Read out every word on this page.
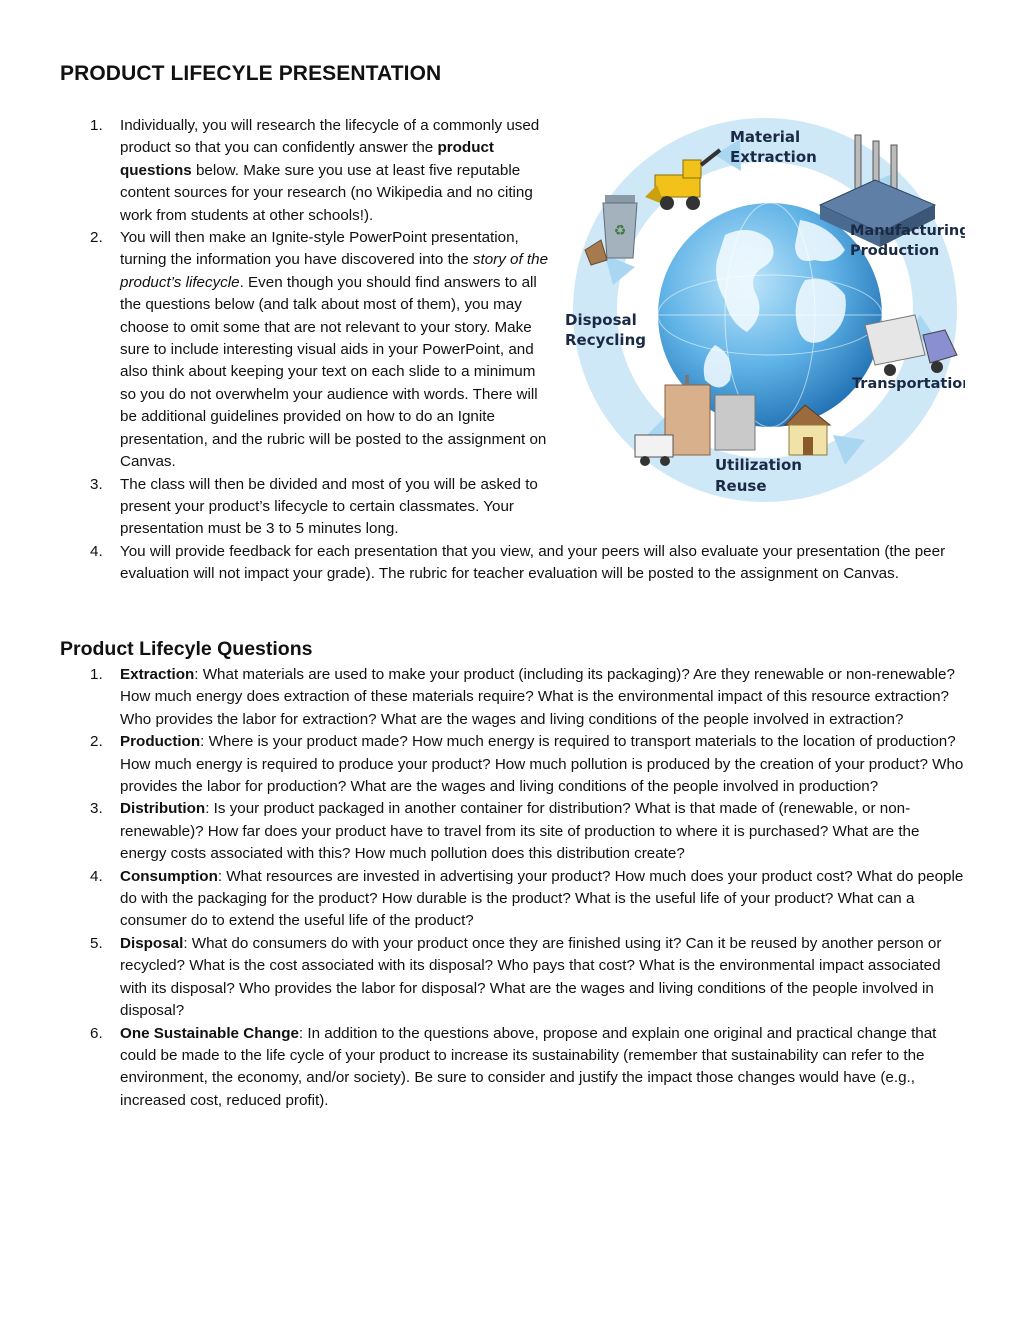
PRODUCT LIFECYLE PRESENTATION
♻
Material
Extraction
Manufacturing
Production
Transportation
Utilization
Reuse
Disposal
Recycling
1. Individually, you will research the lifecycle of a commonly used product so that you can confidently answer the product questions below. Make sure you use at least five reputable content sources for your research (no Wikipedia and no citing work from students at other schools!).
2. You will then make an Ignite-style PowerPoint presentation, turning the information you have discovered into the story of the product’s lifecycle. Even though you should find answers to all the questions below (and talk about most of them), you may choose to omit some that are not relevant to your story. Make sure to include interesting visual aids in your PowerPoint, and also think about keeping your text on each slide to a minimum so you do not overwhelm your audience with words. There will be additional guidelines provided on how to do an Ignite presentation, and the rubric will be posted to the assignment on Canvas.
3. The class will then be divided and most of you will be asked to present your product’s lifecycle to certain classmates. Your presentation must be 3 to 5 minutes long.
4. You will provide feedback for each presentation that you view, and your peers will also evaluate your presentation (the peer evaluation will not impact your grade). The rubric for teacher evaluation will be posted to the assignment on Canvas.
Product Lifecyle Questions
1. Extraction: What materials are used to make your product (including its packaging)? Are they renewable or non-renewable? How much energy does extraction of these materials require? What is the environmental impact of this resource extraction? Who provides the labor for extraction? What are the wages and living conditions of the people involved in extraction?
2. Production: Where is your product made? How much energy is required to transport materials to the location of production? How much energy is required to produce your product? How much pollution is produced by the creation of your product? Who provides the labor for production? What are the wages and living conditions of the people involved in production?
3. Distribution: Is your product packaged in another container for distribution? What is that made of (renewable, or non-renewable)? How far does your product have to travel from its site of production to where it is purchased? What are the energy costs associated with this? How much pollution does this distribution create?
4. Consumption: What resources are invested in advertising your product? How much does your product cost? What do people do with the packaging for the product? How durable is the product? What is the useful life of your product? What can a consumer do to extend the useful life of the product?
5. Disposal: What do consumers do with your product once they are finished using it? Can it be reused by another person or recycled? What is the cost associated with its disposal? Who pays that cost? What is the environmental impact associated with its disposal? Who provides the labor for disposal? What are the wages and living conditions of the people involved in disposal?
6. One Sustainable Change: In addition to the questions above, propose and explain one original and practical change that could be made to the life cycle of your product to increase its sustainability (remember that sustainability can refer to the environment, the economy, and/or society). Be sure to consider and justify the impact those changes would have (e.g., increased cost, reduced profit).
